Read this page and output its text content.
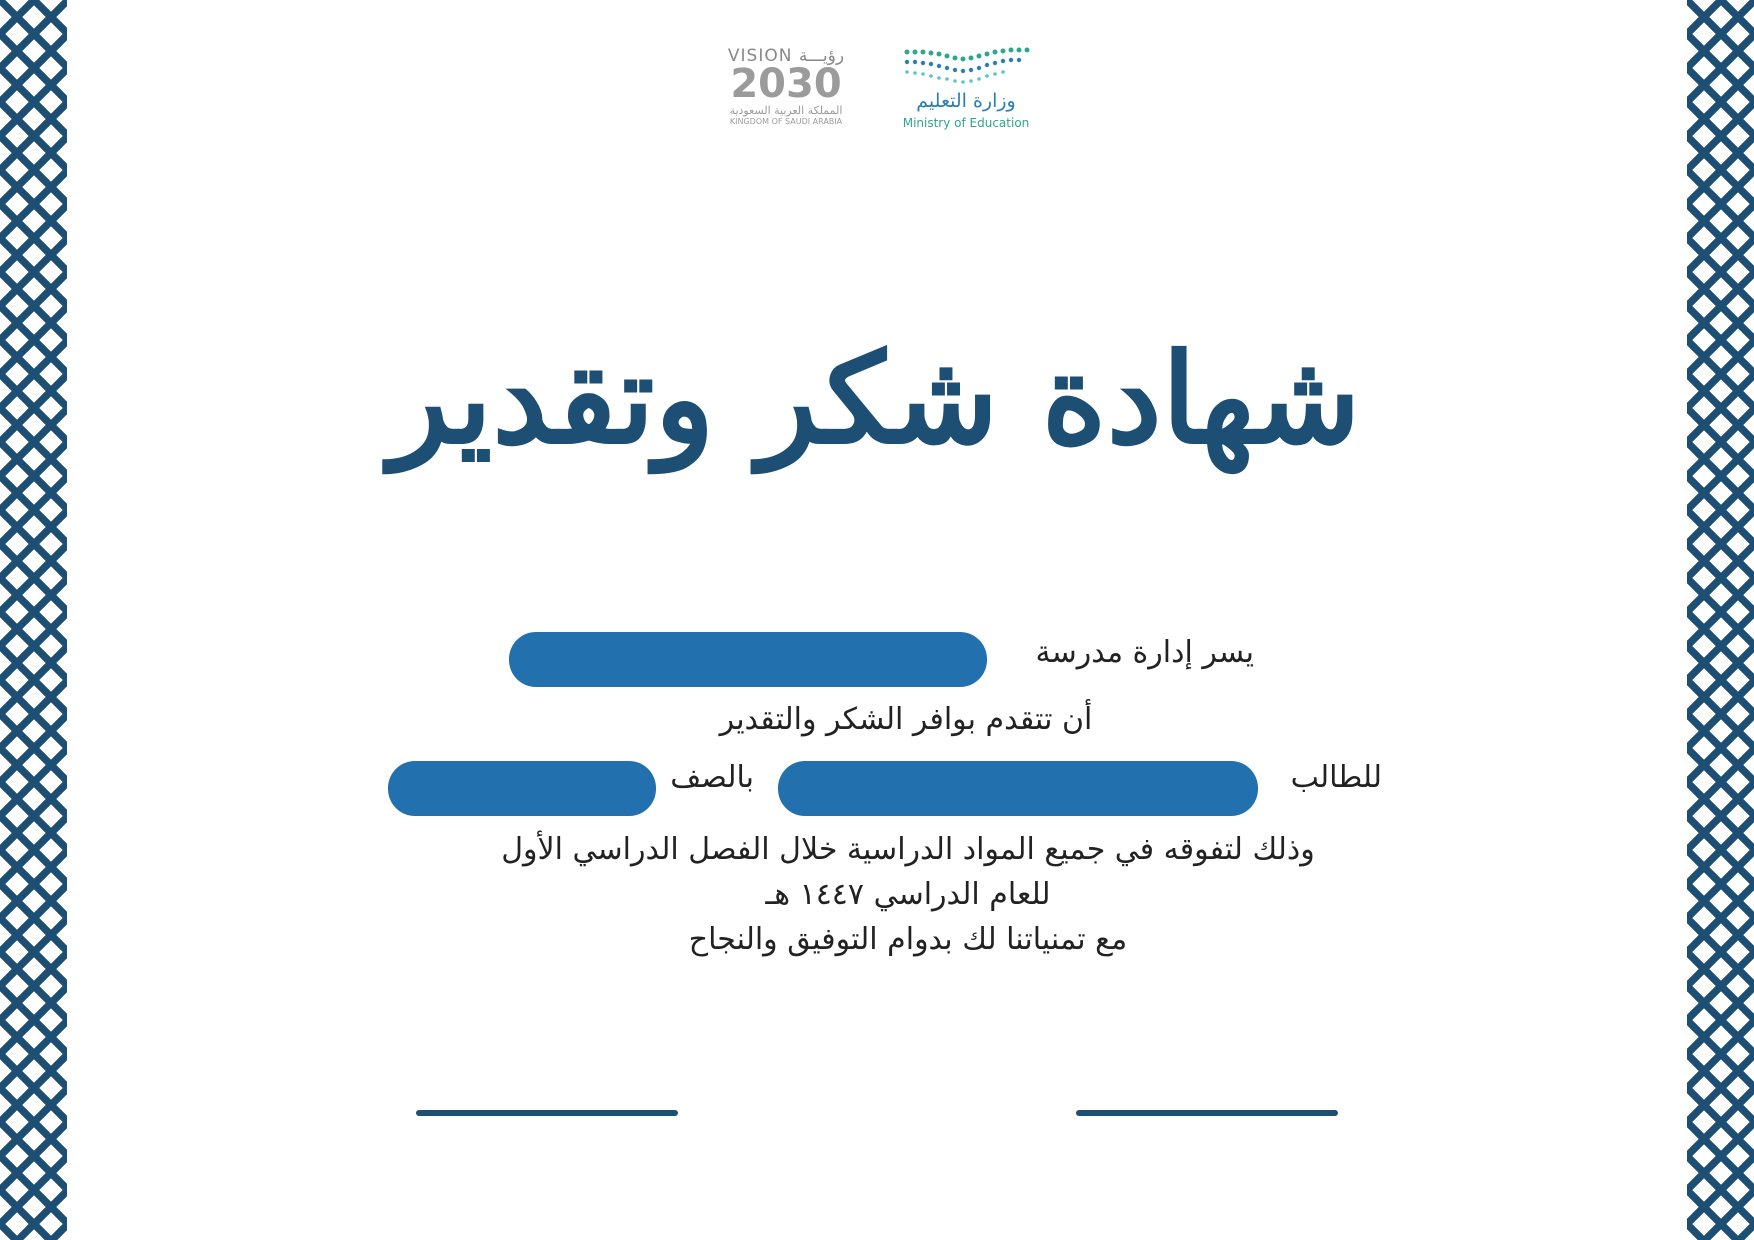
وزارة التعليم
Ministry of Education
VISION رؤيـــة
2030
المملكة العربية السعودية
KINGDOM OF SAUDI ARABIA
شهادة شكر وتقدير
يسر إدارة مدرسة
أن تتقدم بوافر الشكر والتقدير
للطالب
بالصف
وذلك لتفوقه في جميع المواد الدراسية خلال الفصل الدراسي الأول
للعام الدراسي ١٤٤٧ هـ
مع تمنياتنا لك بدوام التوفيق والنجاح
